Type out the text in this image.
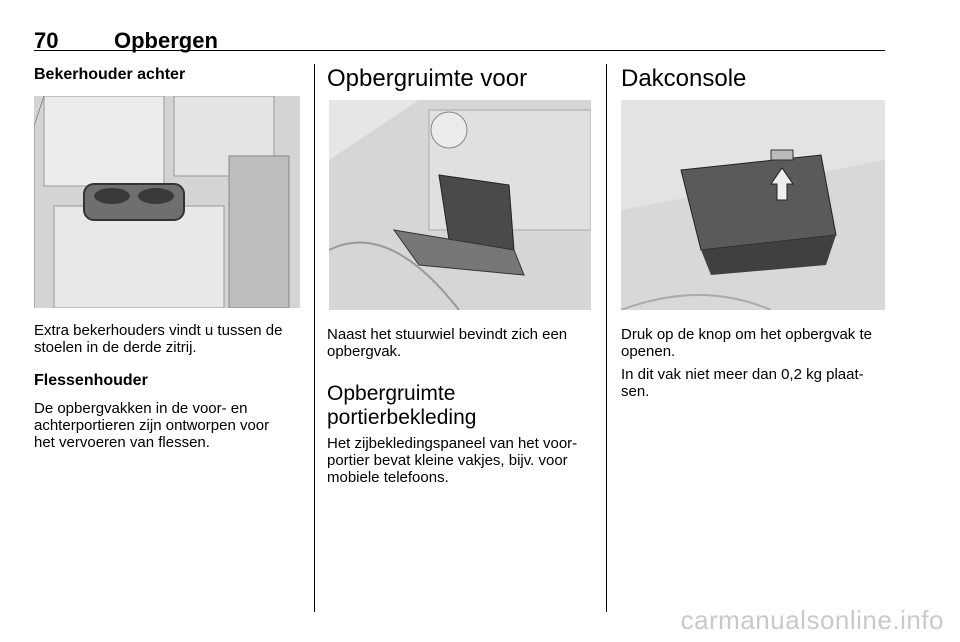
70	Opbergen
Bekerhouder achter

Extra bekerhouders vindt u tussen de
stoelen in de derde zitrij.

Flessenhouder

De opbergvakken in de voor- en
achterportieren zijn ontworpen voor
het vervoeren van flessen.

Opbergruimte voor

Naast het stuurwiel bevindt zich een
opbergvak.

Opbergruimte
portierbekleding

Het zijbekledingspaneel van het voor-
portier bevat kleine vakjes, bijv. voor
mobiele telefoons.

Dakconsole

Druk op de knop om het opbergvak te
openen.

In dit vak niet meer dan 0,2 kg plaat-
sen.

carmanualsonline.info
